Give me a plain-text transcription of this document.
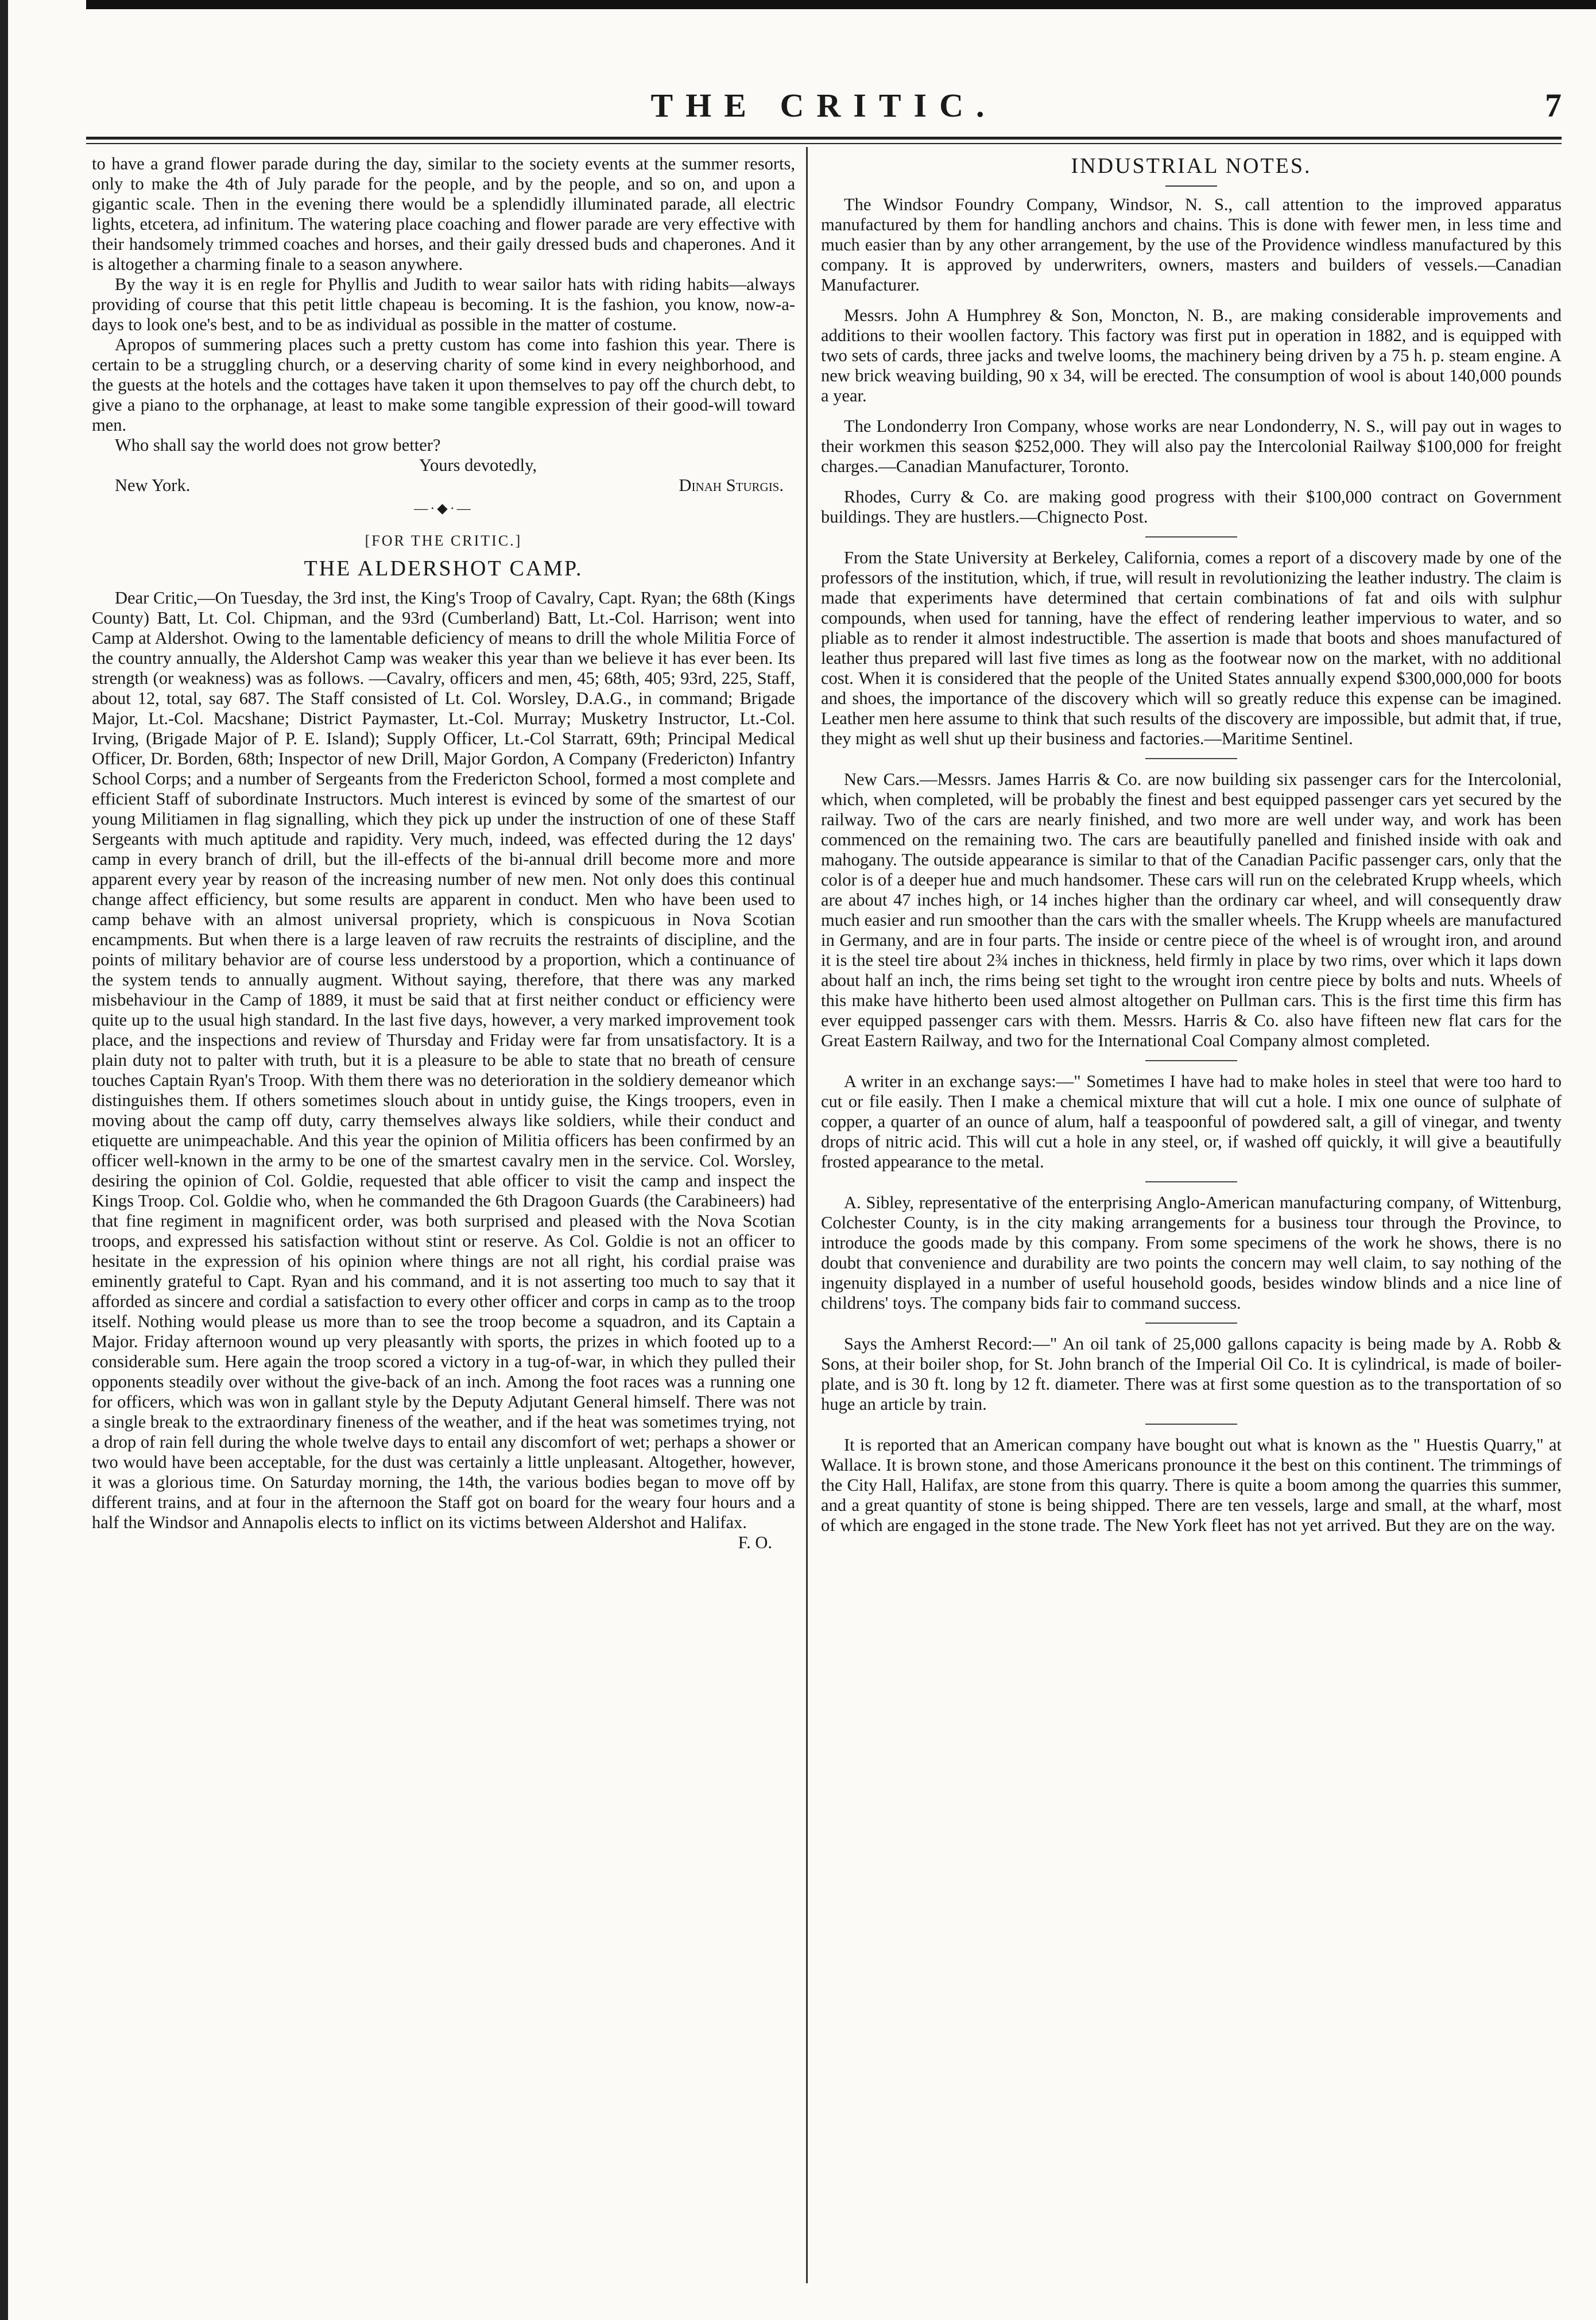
THE CRITIC.	7

to have a grand flower parade during the day, similar to the society events at the summer resorts, only to make the 4th of July parade for the people, and by the people, and so on, and upon a gigantic scale. Then in the evening there would be a splendidly illuminated parade, all electric lights, etcetera, ad infinitum. The watering place coaching and flower parade are very effective with their handsomely trimmed coaches and horses, and their gaily dressed buds and chaperones. And it is altogether a charming finale to a season anywhere.

By the way it is en regle for Phyllis and Judith to wear sailor hats with riding habits—always providing of course that this petit little chapeau is becoming. It is the fashion, you know, now-a-days to look one's best, and to be as individual as possible in the matter of costume.

Apropos of summering places such a pretty custom has come into fashion this year. There is certain to be a struggling church, or a deserving charity of some kind in every neighborhood, and the guests at the hotels and the cottages have taken it upon themselves to pay off the church debt, to give a piano to the orphanage, at least to make some tangible expression of their good-will toward men.

Who shall say the world does not grow better?

Yours devotedly,
New York.	Dinah Sturgis.
—·◆·—
[FOR THE CRITIC.]
THE ALDERSHOT CAMP.

Dear Critic,—On Tuesday, the 3rd inst, the King's Troop of Cavalry, Capt. Ryan; the 68th (Kings County) Batt, Lt. Col. Chipman, and the 93rd (Cumberland) Batt, Lt.-Col. Harrison; went into Camp at Aldershot. Owing to the lamentable deficiency of means to drill the whole Militia Force of the country annually, the Aldershot Camp was weaker this year than we believe it has ever been. Its strength (or weakness) was as follows. —Cavalry, officers and men, 45; 68th, 405; 93rd, 225, Staff, about 12, total, say 687. The Staff consisted of Lt. Col. Worsley, D.A.G., in command; Brigade Major, Lt.-Col. Macshane; District Paymaster, Lt.-Col. Murray; Musketry Instructor, Lt.-Col. Irving, (Brigade Major of P. E. Island); Supply Officer, Lt.-Col Starratt, 69th; Principal Medical Officer, Dr. Borden, 68th; Inspector of new Drill, Major Gordon, A Company (Fredericton) Infantry School Corps; and a number of Sergeants from the Fredericton School, formed a most complete and efficient Staff of subordinate Instructors. Much interest is evinced by some of the smartest of our young Militiamen in flag signalling, which they pick up under the instruction of one of these Staff Sergeants with much aptitude and rapidity. Very much, indeed, was effected during the 12 days' camp in every branch of drill, but the ill-effects of the bi-annual drill become more and more apparent every year by reason of the increasing number of new men. Not only does this continual change affect efficiency, but some results are apparent in conduct. Men who have been used to camp behave with an almost universal propriety, which is conspicuous in Nova Scotian encampments. But when there is a large leaven of raw recruits the restraints of discipline, and the points of military behavior are of course less understood by a proportion, which a continuance of the system tends to annually augment. Without saying, therefore, that there was any marked misbehaviour in the Camp of 1889, it must be said that at first neither conduct or efficiency were quite up to the usual high standard. In the last five days, however, a very marked improvement took place, and the inspections and review of Thursday and Friday were far from unsatisfactory. It is a plain duty not to palter with truth, but it is a pleasure to be able to state that no breath of censure touches Captain Ryan's Troop. With them there was no deterioration in the soldiery demeanor which distinguishes them. If others sometimes slouch about in untidy guise, the Kings troopers, even in moving about the camp off duty, carry themselves always like soldiers, while their conduct and etiquette are unimpeachable. And this year the opinion of Militia officers has been confirmed by an officer well-known in the army to be one of the smartest cavalry men in the service. Col. Worsley, desiring the opinion of Col. Goldie, requested that able officer to visit the camp and inspect the Kings Troop. Col. Goldie who, when he commanded the 6th Dragoon Guards (the Carabineers) had that fine regiment in magnificent order, was both surprised and pleased with the Nova Scotian troops, and expressed his satisfaction without stint or reserve. As Col. Goldie is not an officer to hesitate in the expression of his opinion where things are not all right, his cordial praise was eminently grateful to Capt. Ryan and his command, and it is not asserting too much to say that it afforded as sincere and cordial a satisfaction to every other officer and corps in camp as to the troop itself. Nothing would please us more than to see the troop become a squadron, and its Captain a Major. Friday afternoon wound up very pleasantly with sports, the prizes in which footed up to a considerable sum. Here again the troop scored a victory in a tug-of-war, in which they pulled their opponents steadily over without the give-back of an inch. Among the foot races was a running one for officers, which was won in gallant style by the Deputy Adjutant General himself. There was not a single break to the extraordinary fineness of the weather, and if the heat was sometimes trying, not a drop of rain fell during the whole twelve days to entail any discomfort of wet; perhaps a shower or two would have been acceptable, for the dust was certainly a little unpleasant. Altogether, however, it was a glorious time. On Saturday morning, the 14th, the various bodies began to move off by different trains, and at four in the afternoon the Staff got on board for the weary four hours and a half the Windsor and Annapolis elects to inflict on its victims between Aldershot and Halifax.

F. O.
INDUSTRIAL NOTES.

The Windsor Foundry Company, Windsor, N. S., call attention to the improved apparatus manufactured by them for handling anchors and chains. This is done with fewer men, in less time and much easier than by any other arrangement, by the use of the Providence windless manufactured by this company. It is approved by underwriters, owners, masters and builders of vessels.—Canadian Manufacturer.

Messrs. John A Humphrey & Son, Moncton, N. B., are making considerable improvements and additions to their woollen factory. This factory was first put in operation in 1882, and is equipped with two sets of cards, three jacks and twelve looms, the machinery being driven by a 75 h. p. steam engine. A new brick weaving building, 90 x 34, will be erected. The consumption of wool is about 140,000 pounds a year.

The Londonderry Iron Company, whose works are near Londonderry, N. S., will pay out in wages to their workmen this season $252,000. They will also pay the Intercolonial Railway $100,000 for freight charges.—Canadian Manufacturer, Toronto.

Rhodes, Curry & Co. are making good progress with their $100,000 contract on Government buildings. They are hustlers.—Chignecto Post.

From the State University at Berkeley, California, comes a report of a discovery made by one of the professors of the institution, which, if true, will result in revolutionizing the leather industry. The claim is made that experiments have determined that certain combinations of fat and oils with sulphur compounds, when used for tanning, have the effect of rendering leather impervious to water, and so pliable as to render it almost indestructible. The assertion is made that boots and shoes manufactured of leather thus prepared will last five times as long as the footwear now on the market, with no additional cost. When it is considered that the people of the United States annually expend $300,000,000 for boots and shoes, the importance of the discovery which will so greatly reduce this expense can be imagined. Leather men here assume to think that such results of the discovery are impossible, but admit that, if true, they might as well shut up their business and factories.—Maritime Sentinel.

New Cars.—Messrs. James Harris & Co. are now building six passenger cars for the Intercolonial, which, when completed, will be probably the finest and best equipped passenger cars yet secured by the railway. Two of the cars are nearly finished, and two more are well under way, and work has been commenced on the remaining two. The cars are beautifully panelled and finished inside with oak and mahogany. The outside appearance is similar to that of the Canadian Pacific passenger cars, only that the color is of a deeper hue and much handsomer. These cars will run on the celebrated Krupp wheels, which are about 47 inches high, or 14 inches higher than the ordinary car wheel, and will consequently draw much easier and run smoother than the cars with the smaller wheels. The Krupp wheels are manufactured in Germany, and are in four parts. The inside or centre piece of the wheel is of wrought iron, and around it is the steel tire about 2¾ inches in thickness, held firmly in place by two rims, over which it laps down about half an inch, the rims being set tight to the wrought iron centre piece by bolts and nuts. Wheels of this make have hitherto been used almost altogether on Pullman cars. This is the first time this firm has ever equipped passenger cars with them. Messrs. Harris & Co. also have fifteen new flat cars for the Great Eastern Railway, and two for the International Coal Company almost completed.

A writer in an exchange says:—" Sometimes I have had to make holes in steel that were too hard to cut or file easily. Then I make a chemical mixture that will cut a hole. I mix one ounce of sulphate of copper, a quarter of an ounce of alum, half a teaspoonful of powdered salt, a gill of vinegar, and twenty drops of nitric acid. This will cut a hole in any steel, or, if washed off quickly, it will give a beautifully frosted appearance to the metal.

A. Sibley, representative of the enterprising Anglo-American manufacturing company, of Wittenburg, Colchester County, is in the city making arrangements for a business tour through the Province, to introduce the goods made by this company. From some specimens of the work he shows, there is no doubt that convenience and durability are two points the concern may well claim, to say nothing of the ingenuity displayed in a number of useful household goods, besides window blinds and a nice line of childrens' toys. The company bids fair to command success.

Says the Amherst Record:—" An oil tank of 25,000 gallons capacity is being made by A. Robb & Sons, at their boiler shop, for St. John branch of the Imperial Oil Co. It is cylindrical, is made of boiler-plate, and is 30 ft. long by 12 ft. diameter. There was at first some question as to the transportation of so huge an article by train.

It is reported that an American company have bought out what is known as the " Huestis Quarry," at Wallace. It is brown stone, and those Americans pronounce it the best on this continent. The trimmings of the City Hall, Halifax, are stone from this quarry. There is quite a boom among the quarries this summer, and a great quantity of stone is being shipped. There are ten vessels, large and small, at the wharf, most of which are engaged in the stone trade. The New York fleet has not yet arrived. But they are on the way.
